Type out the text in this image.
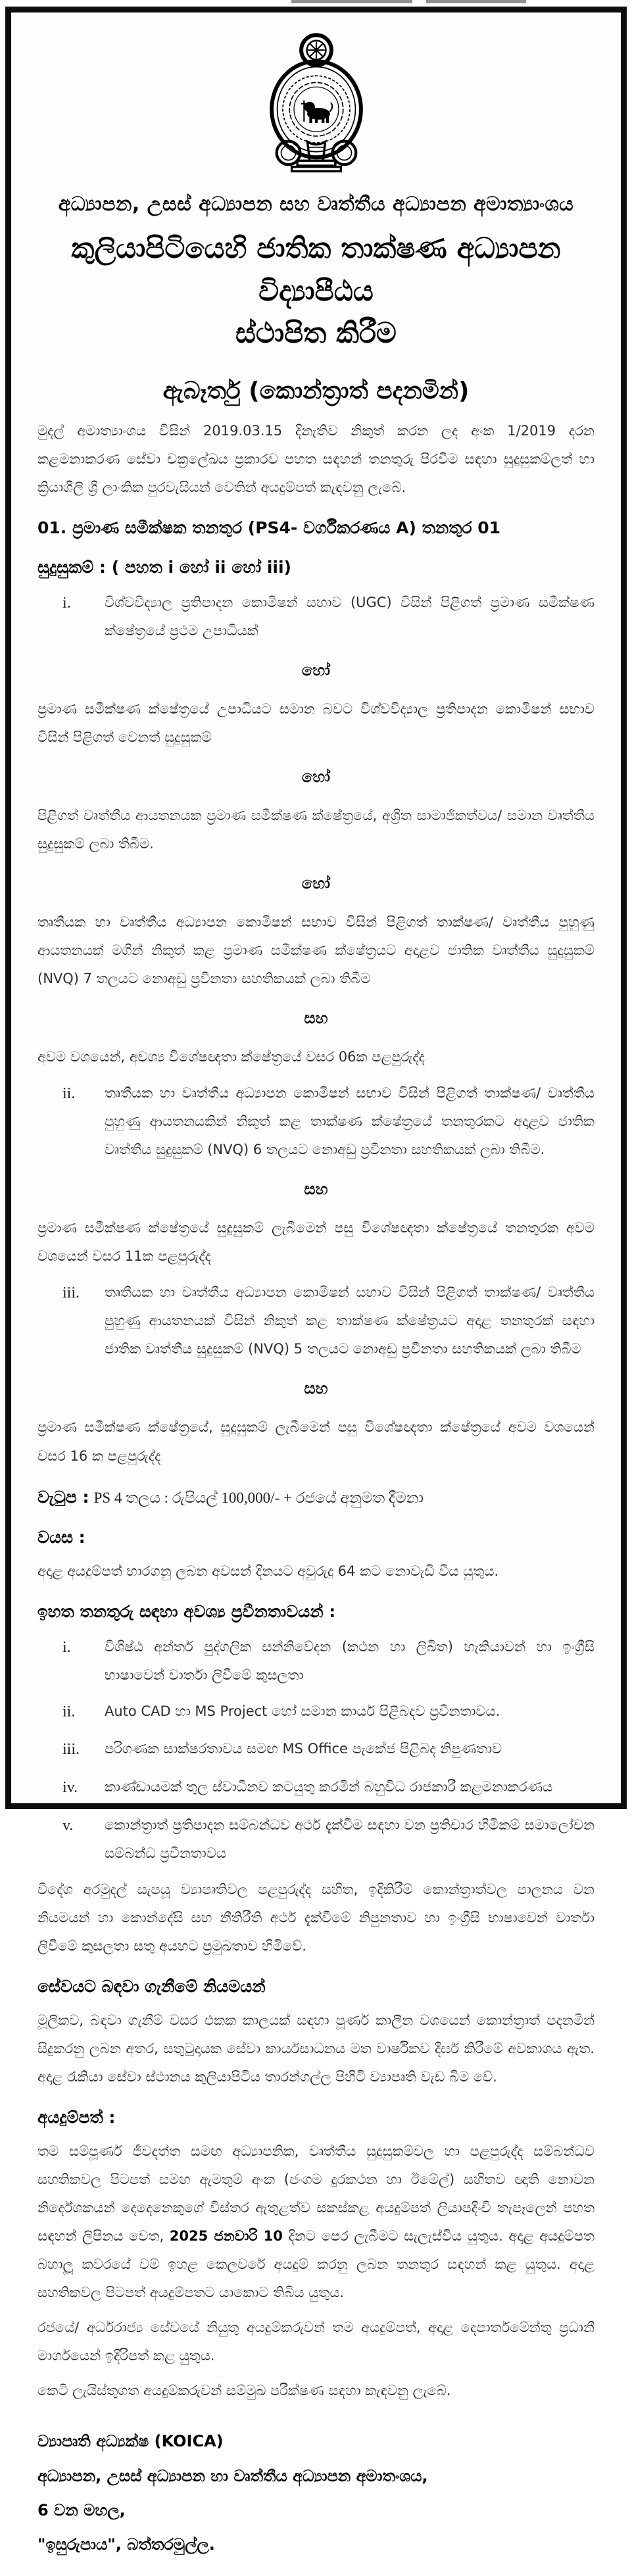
අධ්‍යාපන, උසස් අධ්‍යාපන සහ වෘත්තීය අධ්‍යාපන අමාත්‍යාංශය
කුලියාපිටියෙහි ජාතික තාක්ෂණ අධ්‍යාපන විද්‍යාපීඨය
ස්ථාපිත කිරීම
ඇබෑර්තු (කොන්ත්‍රාත් පදනමින්)

මුදල් අමාත්‍යාංශය විසින් 2019.03.15 දිනැතිව නිකුත් කරන ලද අංක 1/2019 දරන කළමනාකරණ සේවා චක්‍රලේඛය ප්‍රකාරව පහත සඳහන් තනතුරු පිරවීම සඳහා සුදුසුකම්ලත් හා ක්‍රියාශීලි ශ්‍රී ලාංකික පුරවැසියන් වෙතින් අයදුම්පත් කැඳවනු ලැබේ.

01. ප්‍රමාණ සමීක්ෂක තනතුර (PS4- වර්ගීකරණය A) තනතුර 01
සුදුසුකම් : ( පහත i හෝ ii හෝ iii)
i.	විශ්වවිද්‍යාල ප්‍රතිපාදන කොමිෂන් සභාව (UGC) විසින් පිළිගත් ප්‍රමාණ සමීක්ෂණ ක්ෂේත්‍රයේ ප්‍රථම උපාධියක්
හෝ

ප්‍රමාණ සමීක්ෂණ ක්ෂේත්‍රයේ උපාධියට සමාන බවට විශ්වවිද්‍යාල ප්‍රතිපාදන කොමිෂන් සභාව විසින් පිළිගත් වෙනත් සුදුසුකම්

හෝ

පිළිගත් වෘත්තීය ආයතනයක ප්‍රමාණ සමීක්ෂණ ක්ෂේත්‍රයේ, අශ්‍රිත සාමාජිකත්වය/ සමාන වෘත්තීය සුදුසුකම් ලබා තිබීම.

හෝ

තෘතීයක හා වෘත්තීය අධ්‍යාපන කොමිෂන් සභාව විසින් පිළිගත් තාක්ෂණ/ වෘත්තීය පුහුණු ආයතනයක් මගින් නිකුත් කළ ප්‍රමාණ සමීක්ෂණ ක්ෂේත්‍රයට අදාළව ජාතික වෘත්තීය සුදුසුකම් (NVQ) 7 තලයට නොඅඩු ප්‍රවීනතා සහතිකයක් ලබා තිබීම

සහ

අවම වශයෙන්, අවශ්‍ය විශේෂඥතා ක්ෂේත්‍රයේ වසර 06ක පළපුරුද්ද

ii.	තෘතීයක හා වෘත්තීය අධ්‍යාපන කොමිෂන් සභාව විසින් පිළිගත් තාක්ෂණ/ වෘත්තීය පුහුණු ආයතනයකින් නිකුත් කළ තාක්ෂණ ක්ෂේත්‍රයේ තනතුරකට අදාළව ජාතික වෘත්තීය සුදුසුකම් (NVQ) 6 තලයට නොඅඩු ප්‍රවීනතා සහතිකයක් ලබා තිබීම.
සහ

ප්‍රමාණ සමීක්ෂණ ක්ෂේත්‍රයේ සුදුසුකම් ලැබීමෙන් පසු විශේෂඥතා ක්ෂේත්‍රයේ තනතුරක අවම වශයෙන් වසර 11ක පළපුරුද්ද

iii.	තෘතීයක හා වෘත්තීය අධ්‍යාපන කොමිෂන් සභාව විසින් පිළිගත් තාක්ෂණ/ වෘත්තීය පුහුණු ආයතනයක් විසින් නිකුත් කළ තාක්ෂණ ක්ෂේත්‍රයට අදාළ තනතුරක් සඳහා ජාතික වෘත්තීය සුදුසුකම් (NVQ) 5 තලයට නොඅඩු ප්‍රවීනතා සහතිකයක් ලබා තිබීම
සහ

ප්‍රමාණ සමීක්ෂණ ක්ෂේත්‍රයේ, සුදුසුකම් ලැබීමෙන් පසු විශේෂඥතා ක්ෂේත්‍රයේ අවම වශයෙන් වසර 16 ක පළපුරුද්ද

වැටුප : PS 4 තලය : රුපියල් 100,000/- + රජයේ අනුමත දීමනා
වයස :

අදාළ අයදුම්පත් භාරගනු ලබන අවසන් දිනයට අවුරුදු 64 කට නොවැඩි විය යුතුය.

ඉහත තනතුරු සඳහා අවශ්‍ය ප්‍රවීනතාවයන් :
i.	විශිෂ්ඨ අන්තර් පුද්ගලික සන්නිවේදන (කථන හා ලිඛිත) හැකියාවන් හා ඉංග්‍රීසි භාෂාවෙන් වාර්තා ලිවීමේ කුසලතා
ii.	Auto CAD හා MS Project හෝ සමාන කාර්ය පිළිබදව ප්‍රවීනතාවය.
iii.	පරිගණක සාක්ෂරතාවය සමඟ MS Office පැකේජ පිළිබද නිපුණතාව
iv.	කාණ්ඩායමක් තුල ස්වාධීනව කටයුතු කරමින් බහුවිධ රාජකාරී කළමනාකරණය
v.	කොන්ත්‍රාත් ප්‍රතිපාදන සම්බන්ධව අර්ථ දැක්වීම සඳහා වන ප්‍රතිචාර හිමිකම් සමාලෝචන සම්බන්ධ ප්‍රවීනතාවය

විදේශ අරමුදල් සැපයූ ව්‍යාපෘතිවල පළපුරුද්ද සහිත, ඉදිකිරීම් කොන්ත්‍රාත්වල පාලනය වන නියමයන් හා කොන්දේසි සහ නීතිරීති අර්ථ දැක්වීමේ නිපුනතාව හා ඉංග්‍රීසි භාෂාවෙන් වාර්තා ලිවීමේ කුසලතා සතු අයහට ප්‍රමුඛතාව හිමිවේ.

සේවයට බඳවා ගැනීමේ නියමයන්

මූලිකව, බඳවා ගැනීම් වසර එකක කාලයක් සඳහා පූර්ණ කාලීන වශයෙන් කොන්ත්‍රාත් පදනමින් සිදුකරනු ලබන අතර, සතුටුදායක සේවා කාර්යසාධනය මත වාර්ෂිකව දීර්ඝ කිරීමේ අවකාශය ඇත. අදාළ රැකියා සේවා ස්ථානය කුලියාපිටිය තාරන්ගල්ල පිහිටි ව්‍යාපෘති වැඩ බිම වේ.

අයදුම්පත් :

තම සම්පූර්ණ ජීවදත්ත සමඟ අධ්‍යාපනික, වෘත්තීය සුදුසුකම්වල හා පළපුරුද්ද සම්බන්ධව සහතිකවල පිටපත් සමඟ ඇමතුම් අංක (ජංගම දුරකථන හා ඊමේල්) සහිතව ඥාති නොවන නිර්දේශකයන් දෙදෙනෙකුගේ විස්තර ඇතුළත්ව සකස්කළ අයදුම්පත් ලියාපදිංචි තැපෑලෙන් පහත සඳහන් ලිපිනය වෙත, 2025 ජනවාරි 10 දිනට පෙර ලැබීමට සැලැස්විය යුතුය. අදාළ අයදුම්පත බහාලූ කවරයේ වම් ඉහළ කෙලවරේ අයදුම් කරනු ලබන තනතුර සඳහන් කළ යුතුය. අදාළ සහතිකවල පිටපත් අයදුම්පතට යාකොට තිබිය යුතුය.

රජයේ/ අර්ධරාජ්‍ය සේවයේ නියුතු අයදුම්කරුවන් තම අයදුම්පත්, අදාළ දෙපාර්තමේන්තු ප්‍රධානී මාර්ගයෙන් ඉදිරිපත් කළ යුතුය.

කෙටි ලැයිස්තුගත අයදුම්කරුවන් සම්මුඛ පරීක්ෂණ සඳහා කැඳවනු ලැබේ.

ව්‍යාපෘති අධ්‍යක්ෂ (KOICA)
අධ්‍යාපන, උසස් අධ්‍යාපන හා වෘත්තීය අධ්‍යාපන අමාතංශය,
6 වන මහල,
"ඉසුරුපාය", බත්තරමුල්ල.
